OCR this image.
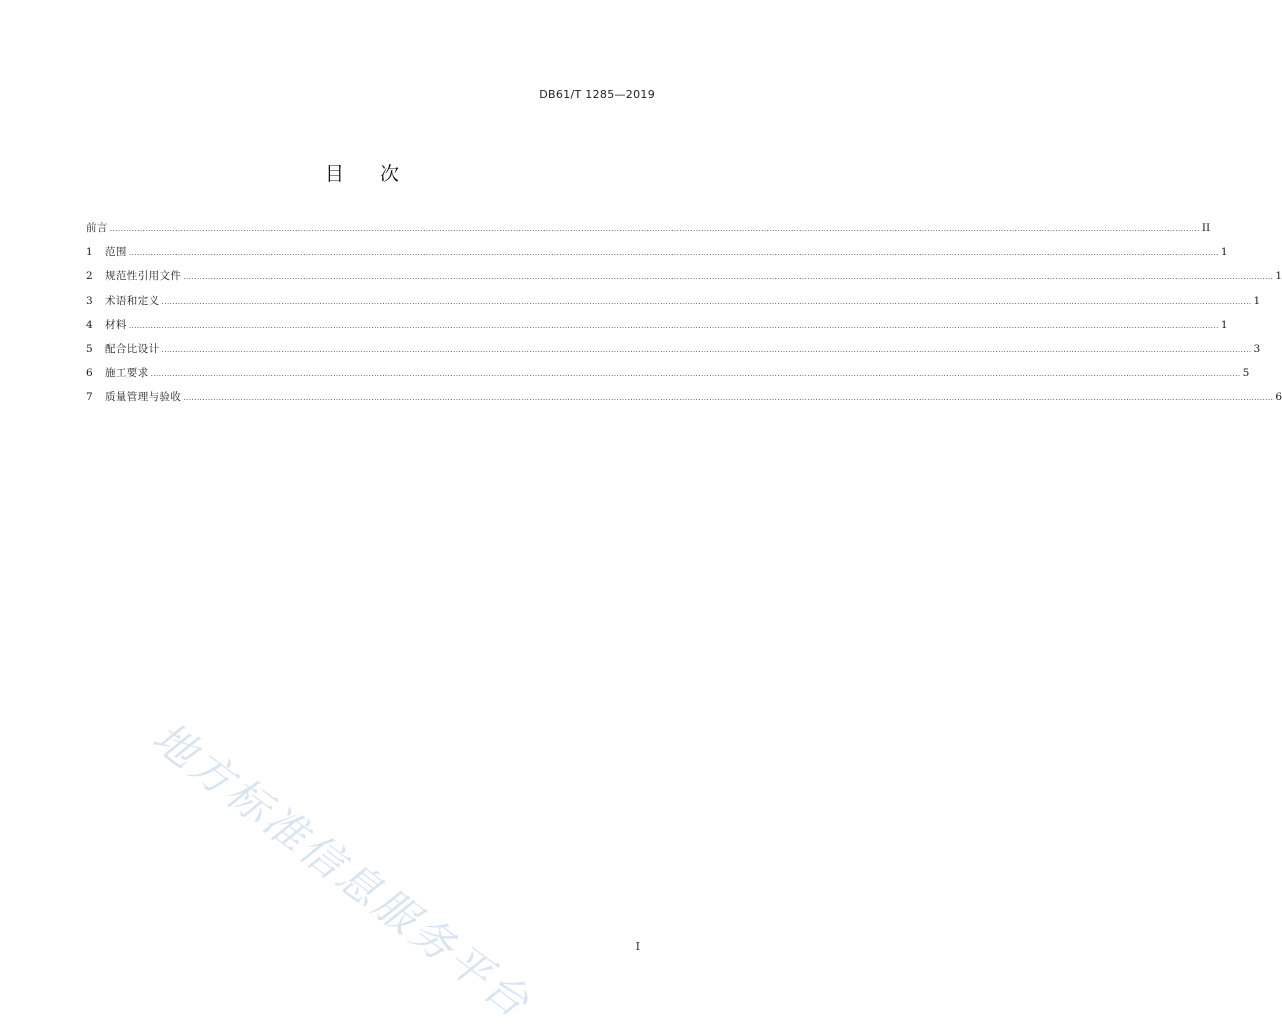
DB61/T 1285—2019
目 次
前言 ................................................................................................................................................................................................................................................................................................................................................................................................................ II
1	范围 ................................................................................................................................................................................................................................................................................................................................................................................................................ 1
2	规范性引用文件 ................................................................................................................................................................................................................................................................................................................................................................................................................ 1
3	术语和定义 ................................................................................................................................................................................................................................................................................................................................................................................................................ 1
4	材料 ................................................................................................................................................................................................................................................................................................................................................................................................................ 1
5	配合比设计 ................................................................................................................................................................................................................................................................................................................................................................................................................ 3
6	施工要求 ................................................................................................................................................................................................................................................................................................................................................................................................................ 5
7	质量管理与验收 ................................................................................................................................................................................................................................................................................................................................................................................................................ 6
地方标准信息服务平台	I
